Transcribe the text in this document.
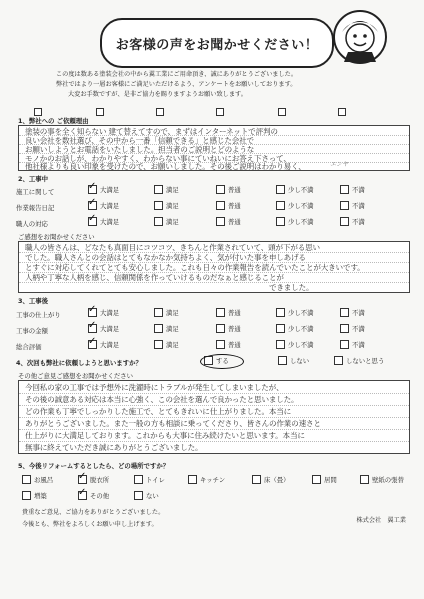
お客様の声をお聞かせください！
この度は数ある塗装会社の中から翼工業にご用命頂き、誠にありがとうございました。
弊社ではより一層お客様にご満足いただけるよう、アンケートをお願いしております。
大変お手数ですが、是非ご協力を賜りますようお願い致します。
1、弊社への ご依頼理由
塗装の事を全く知らない 建て替えてすので、まずはインターネットで評判の
良い会社を数社選び、その中から一番「信頼できる」と感じた会社で
お願いしようとお電話をいたしました。担当者のご説明とどのような
モノかのお話しが、わかりやすく、わからない事にていねいにお答え下さって、
他社様よりも良い印象を受けたので、お願いしました。その後ご説明はわかり易く、	エンヤ
2、工事中
施工に関して ✓	大満足	満足	普通	少し不満	不満
作業報告日記 ✓	大満足	満足	普通	少し不満	不満
職人の対応 ✓	大満足	満足	普通	少し不満	不満
ご感想をお聞かせください
職人の皆さんは、どなたも真面目にコツコツ、きちんと作業されていて、頭が下がる思い
でした。職人さんとの会話はとてもなかなか気持ちよく、気が付いた事を申しあげる
とすぐに対応してくれてとても安心しました。これも日々の作業報告を読んでいたことが大きいです。
人柄や丁寧な人柄を感じ、信頼関係を作っていけるものだなぁと感じることが
できました。
3、工事後
工事の仕上がり ✓	大満足	満足	普通	少し不満	不満
工事の金額 ✓	大満足	満足	普通	少し不満	不満
総合評価 ✓	大満足	満足	普通	少し不満	不満
4、次回も弊社に依頼しようと思いますか？	する	しない	しないと思う
その他ご意見ご感想をお聞かせください
今回私の家の工事では予想外に洗濯時にトラブルが発生してしまいましたが、
その後の誠意ある対応は本当に心強く、この会社を選んで良かったと思いました。
どの作業も丁寧でしっかりした施工で、とてもきれいに仕上がりました。本当に
ありがとうございました。また一般の方も相談に乗ってくださり、皆さんの作業の速さと
仕上がりに大満足しております。これからも大事に住み続けたいと思います。本当に
無事に終えていただき誠にありがとうございました。
5、今後リフォームするとしたら、どの場所ですか？
お風呂 ✓	脱衣所	トイレ	キッチン	床（畳）	居間	壁紙の張替
増築 ✓	その他	ない
貴重なご意見、ご協力をありがとうございました。
今後とも、弊社をよろしくお願い申し上げます。
株式会社　翼工業
